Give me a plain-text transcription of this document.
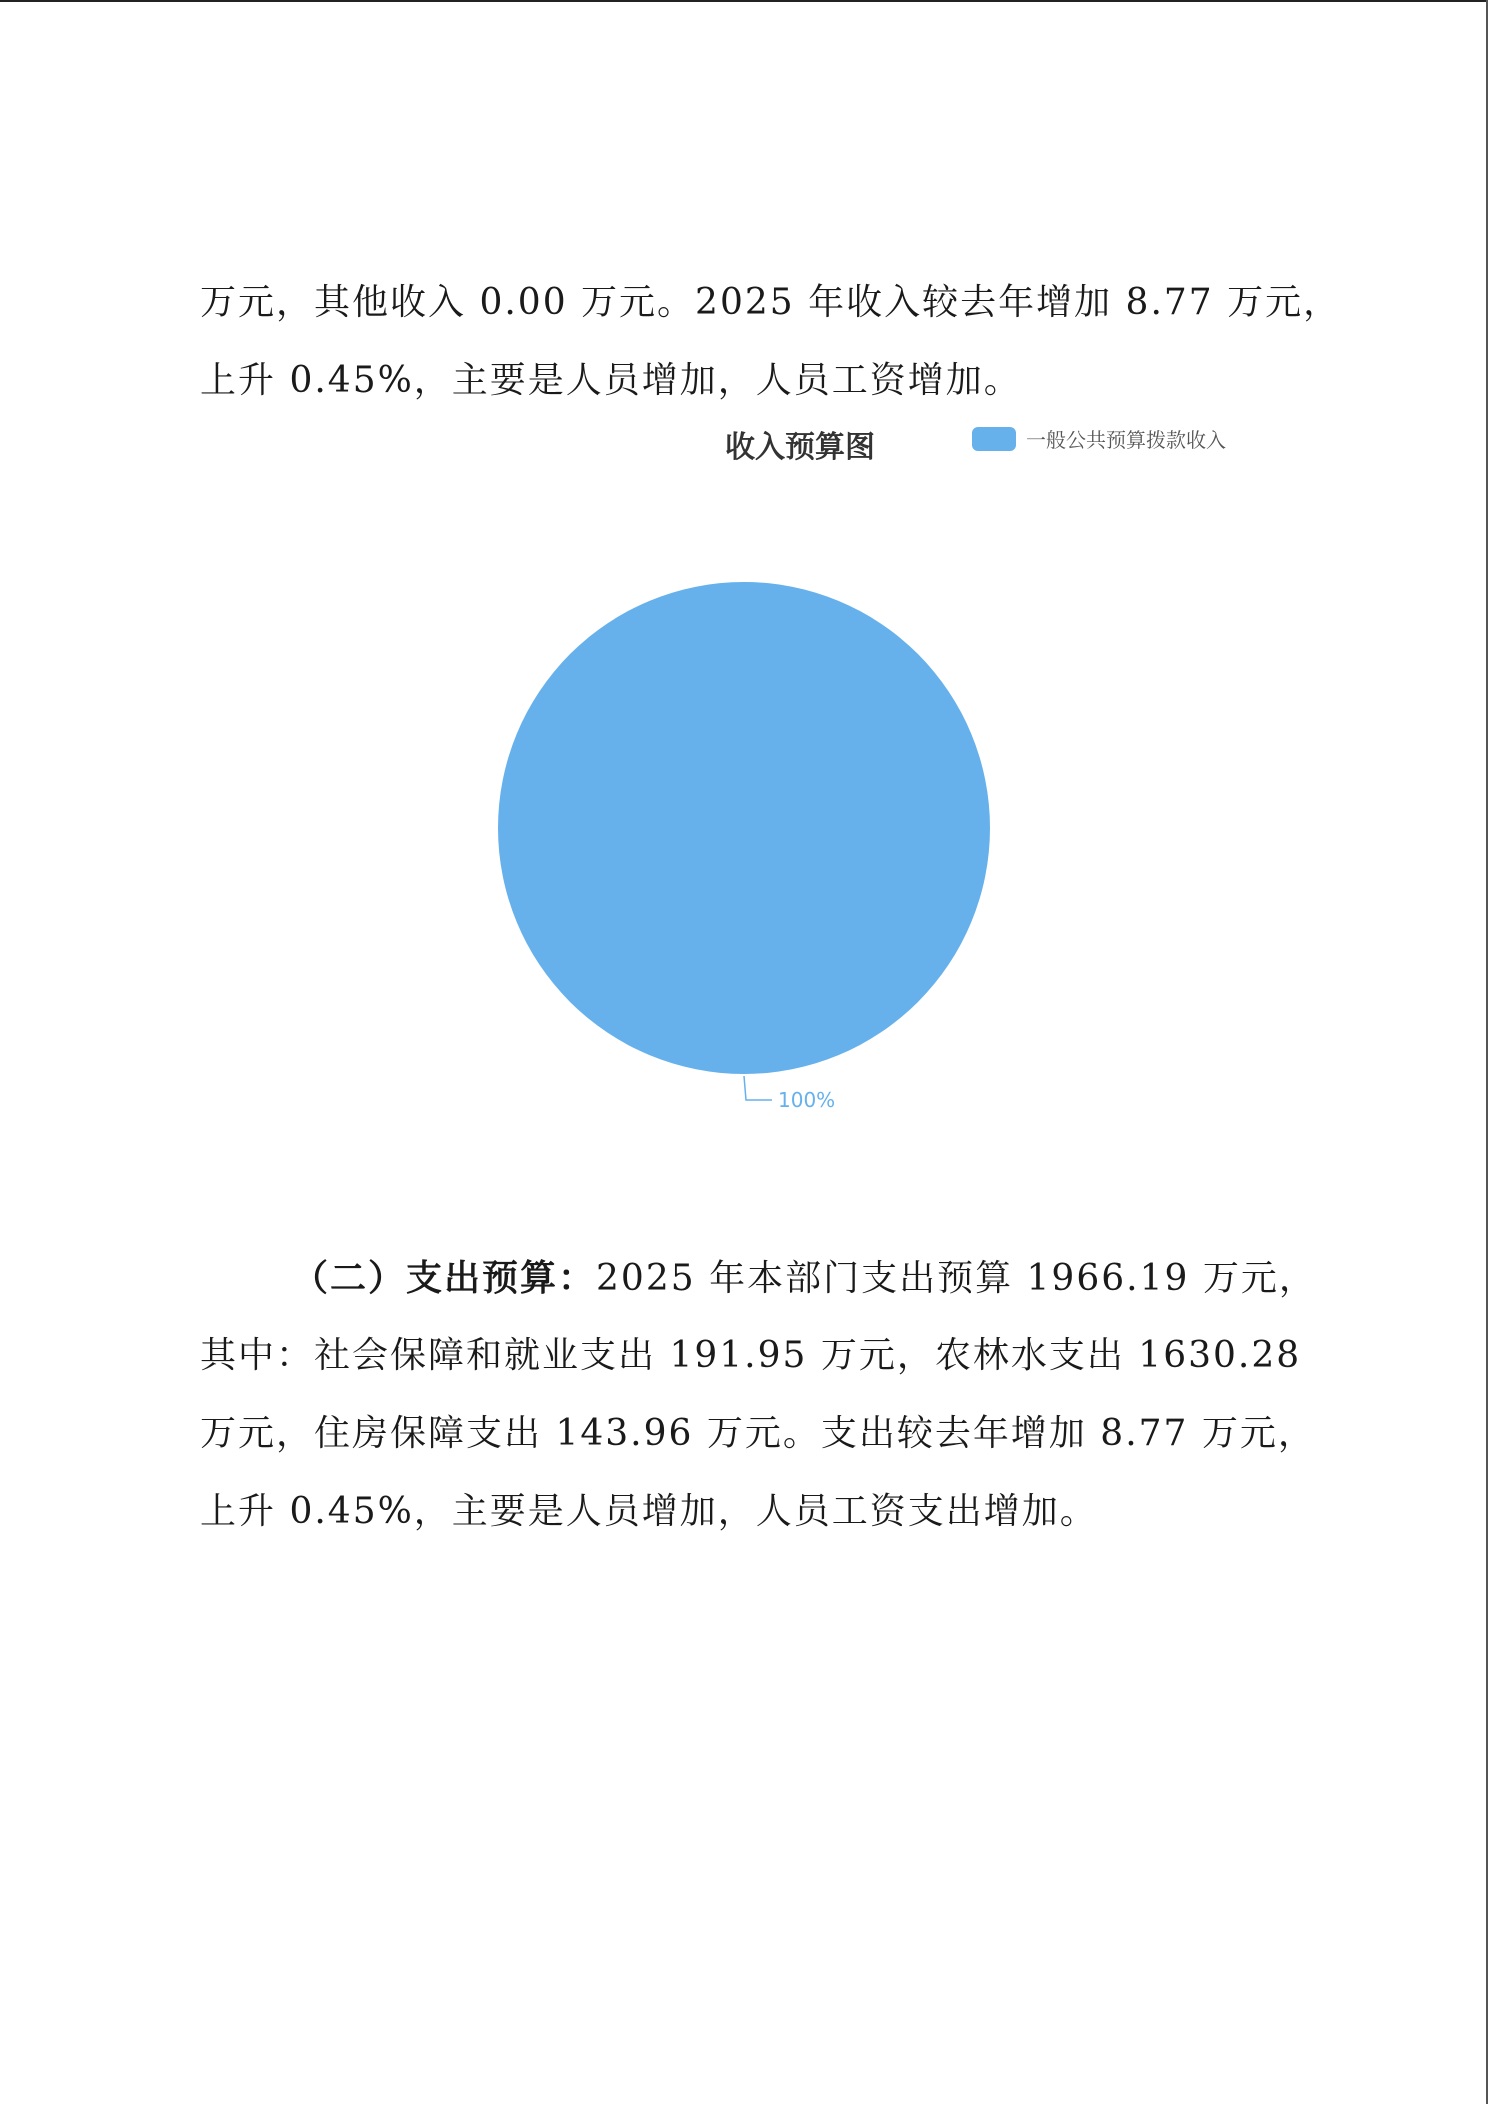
万元，其他收入 0.00 万元。2025 年收入较去年增加 8.77 万元，
上升 0.45%，主要是人员增加，人员工资增加。
收入预算图	一般公共预算拨款收入
100%
（二）支出预算：2025 年本部门支出预算 1966.19 万元，
其中：社会保障和就业支出 191.95 万元，农林水支出 1630.28
万元，住房保障支出 143.96 万元。支出较去年增加 8.77 万元，
上升 0.45%，主要是人员增加，人员工资支出增加。
